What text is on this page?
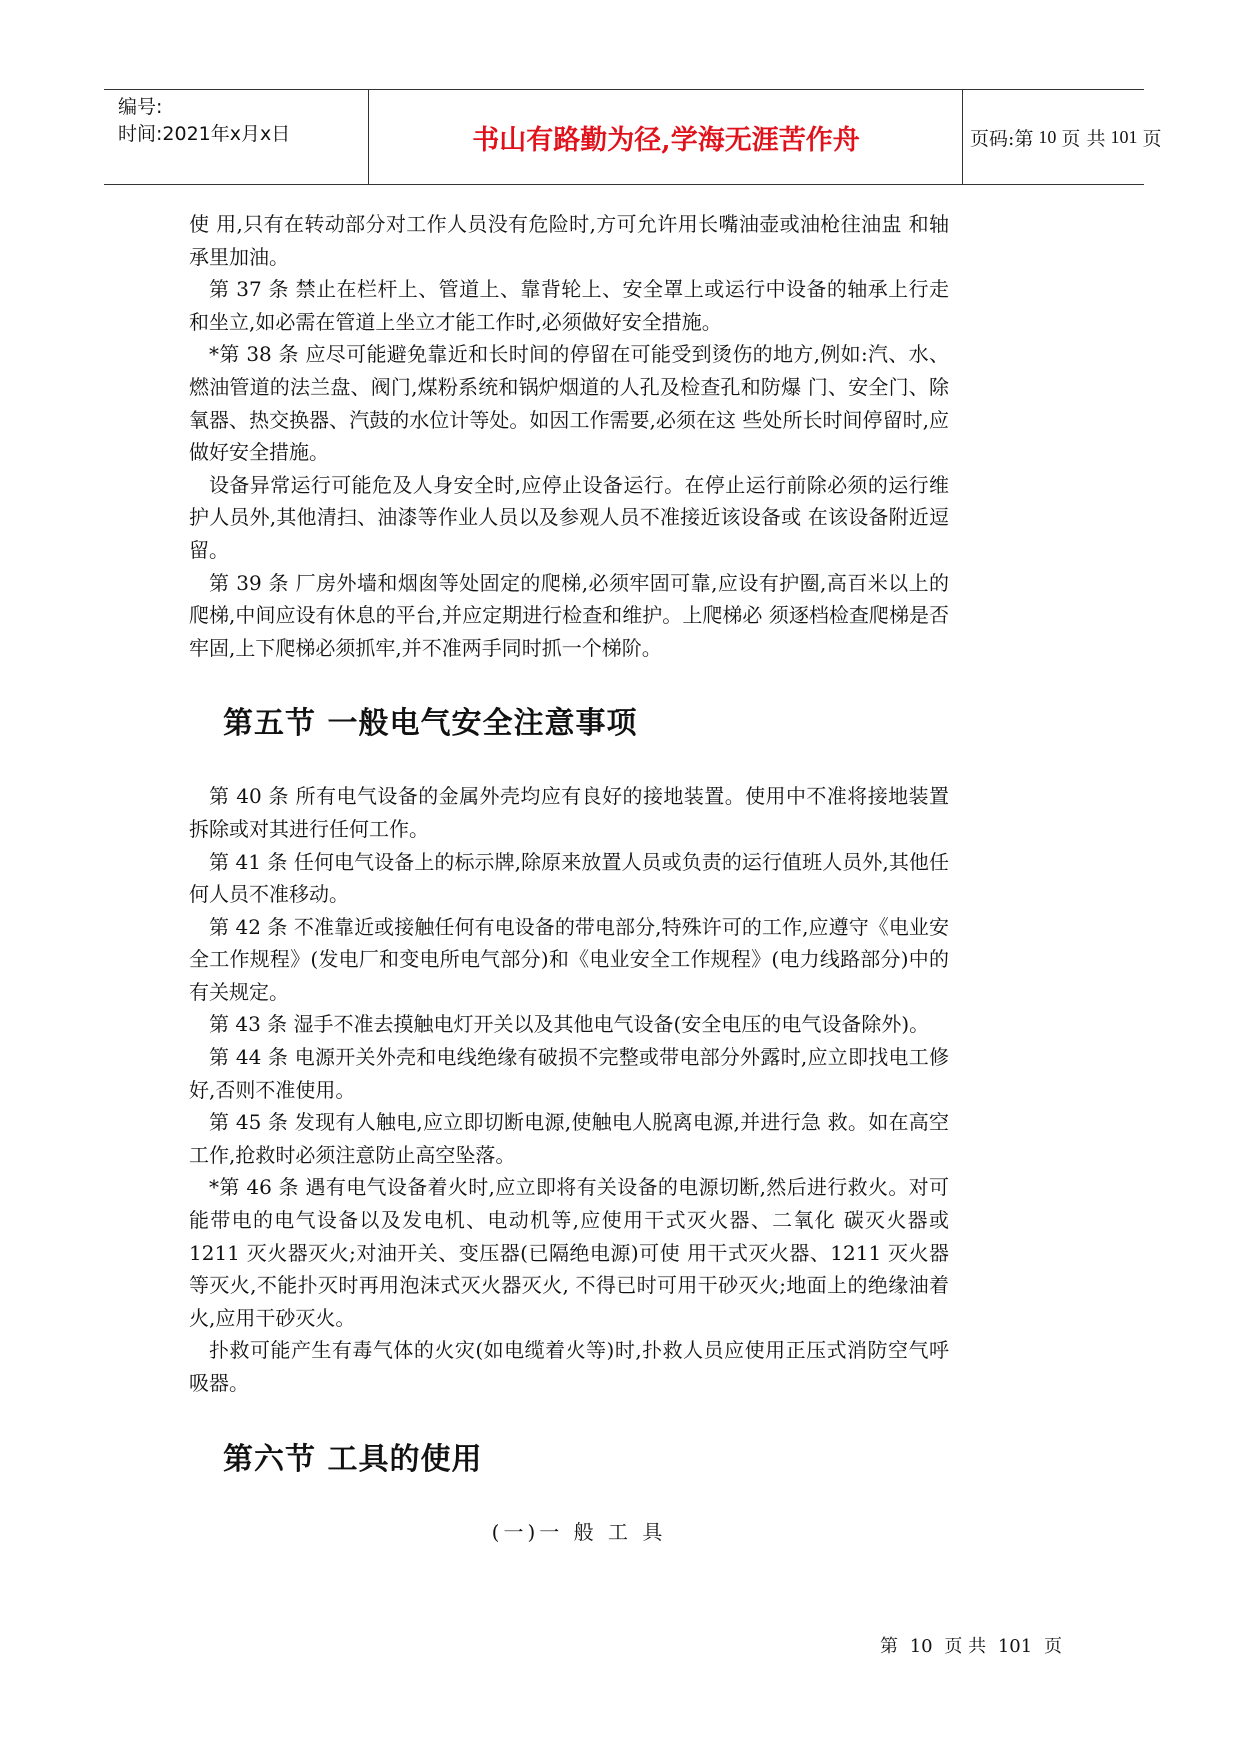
编号:
时间:2021年x月x日	书山有路勤为径,学海无涯苦作舟	页码:第 10 页 共 101 页

使 用,只有在转动部分对工作人员没有危险时,方可允许用长嘴油壶或油枪往油盅 和轴承里加油。

第 37 条 禁止在栏杆上、管道上、靠背轮上、安全罩上或运行中设备的轴承上行走和坐立,如必需在管道上坐立才能工作时,必须做好安全措施。

*第 38 条 应尽可能避免靠近和长时间的停留在可能受到烫伤的地方,例如:汽、水、燃油管道的法兰盘、阀门,煤粉系统和锅炉烟道的人孔及检查孔和防爆 门、安全门、除氧器、热交换器、汽鼓的水位计等处。如因工作需要,必须在这 些处所长时间停留时,应做好安全措施。

设备异常运行可能危及人身安全时,应停止设备运行。在停止运行前除必须的运行维护人员外,其他清扫、油漆等作业人员以及参观人员不准接近该设备或 在该设备附近逗留。

第 39 条 厂房外墙和烟囱等处固定的爬梯,必须牢固可靠,应设有护圈,高百米以上的爬梯,中间应设有休息的平台,并应定期进行检查和维护。上爬梯必 须逐档检查爬梯是否牢固,上下爬梯必须抓牢,并不准两手同时抓一个梯阶。

第五节 一般电气安全注意事项

第 40 条 所有电气设备的金属外壳均应有良好的接地装置。使用中不准将接地装置拆除或对其进行任何工作。

第 41 条 任何电气设备上的标示牌,除原来放置人员或负责的运行值班人员外,其他任何人员不准移动。

第 42 条 不准靠近或接触任何有电设备的带电部分,特殊许可的工作,应遵守《电业安全工作规程》(发电厂和变电所电气部分)和《电业安全工作规程》(电力线路部分)中的有关规定。

第 43 条 湿手不准去摸触电灯开关以及其他电气设备(安全电压的电气设备除外)。

第 44 条 电源开关外壳和电线绝缘有破损不完整或带电部分外露时,应立即找电工修好,否则不准使用。

第 45 条 发现有人触电,应立即切断电源,使触电人脱离电源,并进行急 救。如在高空工作,抢救时必须注意防止高空坠落。

*第 46 条 遇有电气设备着火时,应立即将有关设备的电源切断,然后进行救火。对可能带电的电气设备以及发电机、电动机等,应使用干式灭火器、二氧化 碳灭火器或 1211 灭火器灭火;对油开关、变压器(已隔绝电源)可使 用干式灭火器、1211 灭火器等灭火,不能扑灭时再用泡沫式灭火器灭火, 不得已时可用干砂灭火;地面上的绝缘油着火,应用干砂灭火。

扑救可能产生有毒气体的火灾(如电缆着火等)时,扑救人员应使用正压式消防空气呼吸器。

第六节 工具的使用

(一)一 般 工 具

第 10 页 共 101 页
